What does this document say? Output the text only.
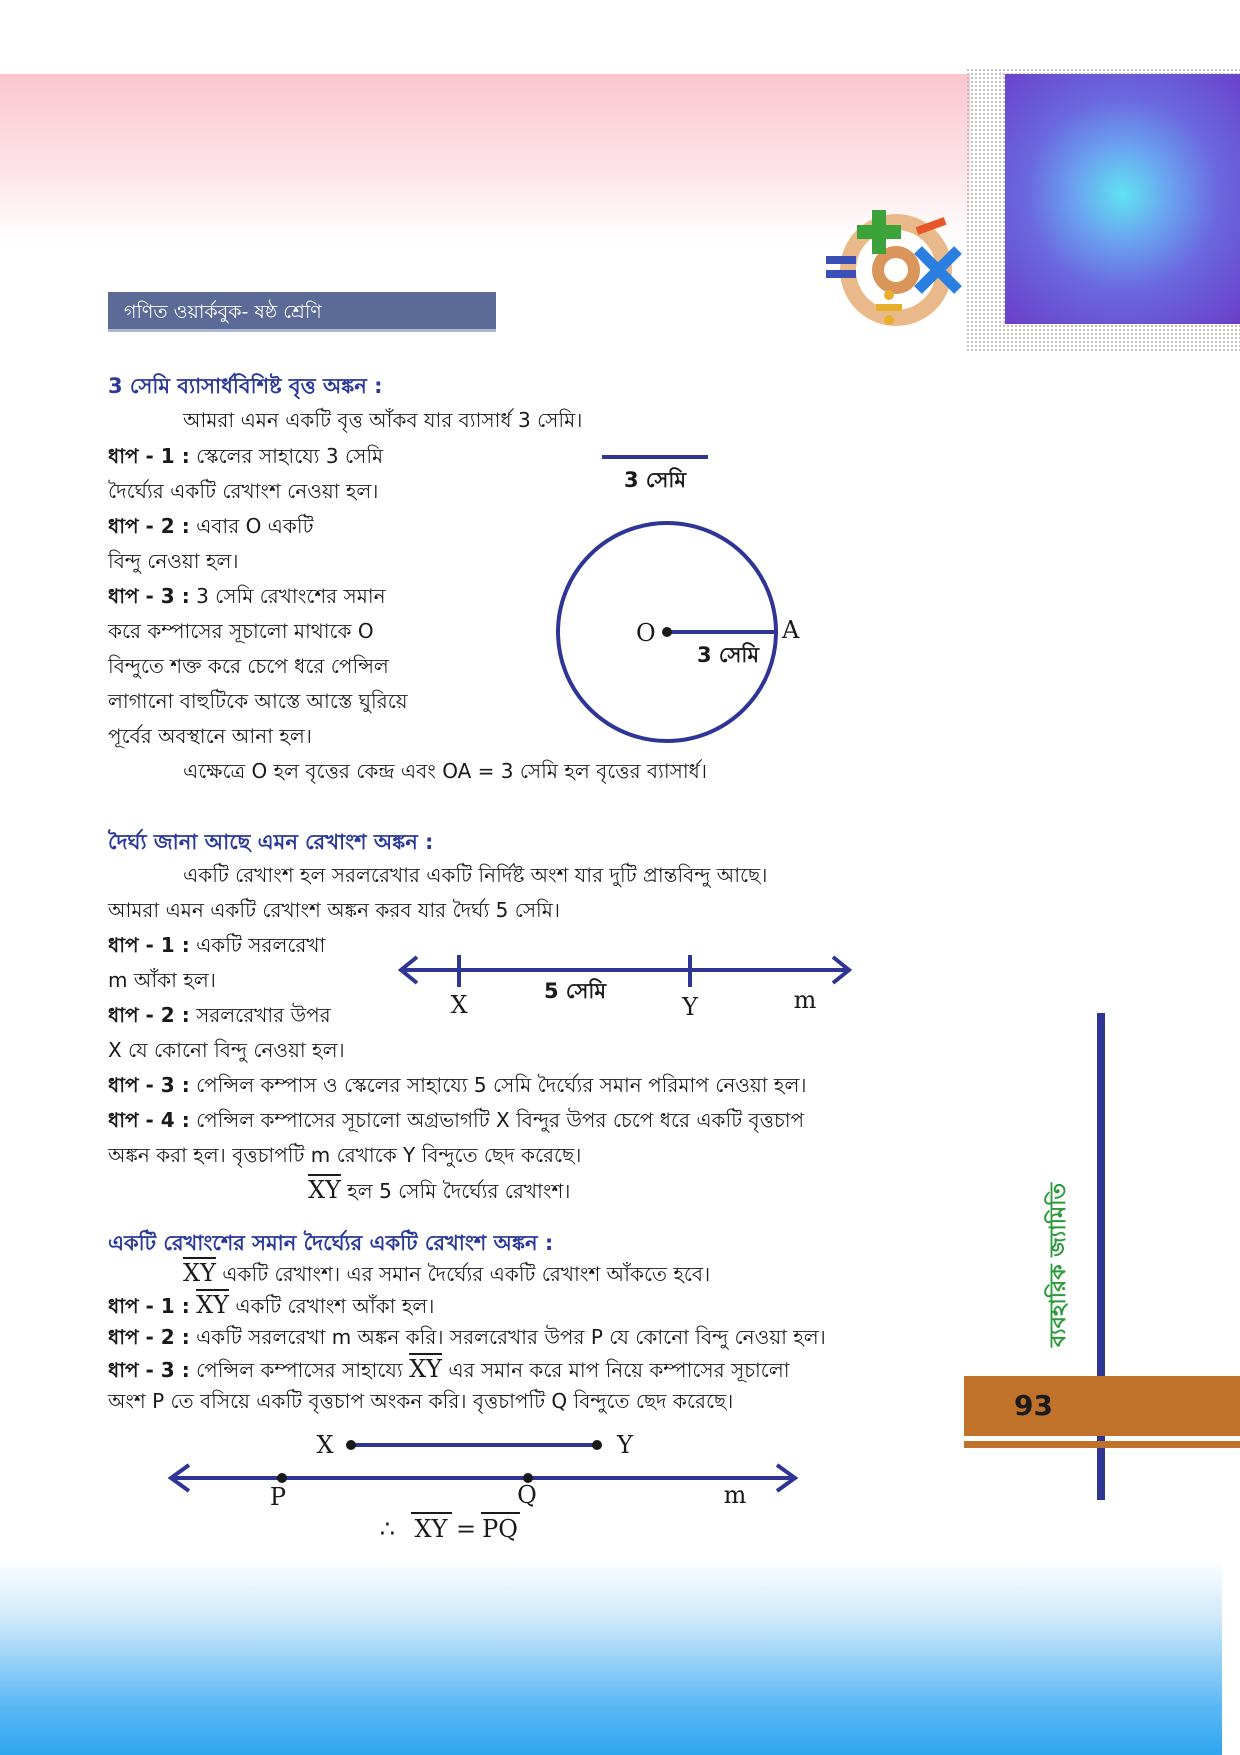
গণিত ওয়ার্কবুক- ষষ্ঠ শ্রেণি
3 সেমি ব্যাসার্ধবিশিষ্ট বৃত্ত অঙ্কন :
আমরা এমন একটি বৃত্ত আঁকব যার ব্যাসার্ধ 3 সেমি।
ধাপ - 1 : স্কেলের সাহায্যে 3 সেমি
দৈর্ঘ্যের একটি রেখাংশ নেওয়া হল।
ধাপ - 2 : এবার O একটি
বিন্দু নেওয়া হল।
ধাপ - 3 : 3 সেমি রেখাংশের সমান
করে কম্পাসের সূচালো মাথাকে O
বিন্দুতে শক্ত করে চেপে ধরে পেন্সিল
লাগানো বাহুটিকে আস্তে আস্তে ঘুরিয়ে
পূর্বের অবস্থানে আনা হল।
এক্ষেত্রে O হল বৃত্তের কেন্দ্র এবং OA = 3 সেমি হল বৃত্তের ব্যাসার্ধ।
3 সেমি
O	A
3 সেমি
দৈর্ঘ্য জানা আছে এমন রেখাংশ অঙ্কন :
একটি রেখাংশ হল সরলরেখার একটি নির্দিষ্ট অংশ যার দুটি প্রান্তবিন্দু আছে।
আমরা এমন একটি রেখাংশ অঙ্কন করব যার দৈর্ঘ্য 5 সেমি।
ধাপ - 1 : একটি সরলরেখা
m আঁকা হল।
ধাপ - 2 : সরলরেখার উপর
X যে কোনো বিন্দু নেওয়া হল।
ধাপ - 3 : পেন্সিল কম্পাস ও স্কেলের সাহায্যে 5 সেমি দৈর্ঘ্যের সমান পরিমাপ নেওয়া হল।
ধাপ - 4 : পেন্সিল কম্পাসের সূচালো অগ্রভাগটি X বিন্দুর উপর চেপে ধরে একটি বৃত্তচাপ
অঙ্কন করা হল। বৃত্তচাপটি m রেখাকে Y বিন্দুতে ছেদ করেছে।
$\overline{XY}$ হল 5 সেমি দৈর্ঘ্যের রেখাংশ।
X	Y	m
5 সেমি
একটি রেখাংশের সমান দৈর্ঘ্যের একটি রেখাংশ অঙ্কন :
$\overline{XY}$ একটি রেখাংশ। এর সমান দৈর্ঘ্যের একটি রেখাংশ আঁকতে হবে।
ধাপ - 1 : $\overline{XY}$ একটি রেখাংশ আঁকা হল।
ধাপ - 2 : একটি সরলরেখা m অঙ্কন করি। সরলরেখার উপর P যে কোনো বিন্দু নেওয়া হল।
ধাপ - 3 : পেন্সিল কম্পাসের সাহায্যে $\overline{XY}$ এর সমান করে মাপ নিয়ে কম্পাসের সূচালো
অংশ P তে বসিয়ে একটি বৃত্তচাপ অংকন করি। বৃত্তচাপটি Q বিন্দুতে ছেদ করেছে।
X	Y
P	Q	m
∴ XY = PQ
ব্যবহারিক জ্যামিতি
93
